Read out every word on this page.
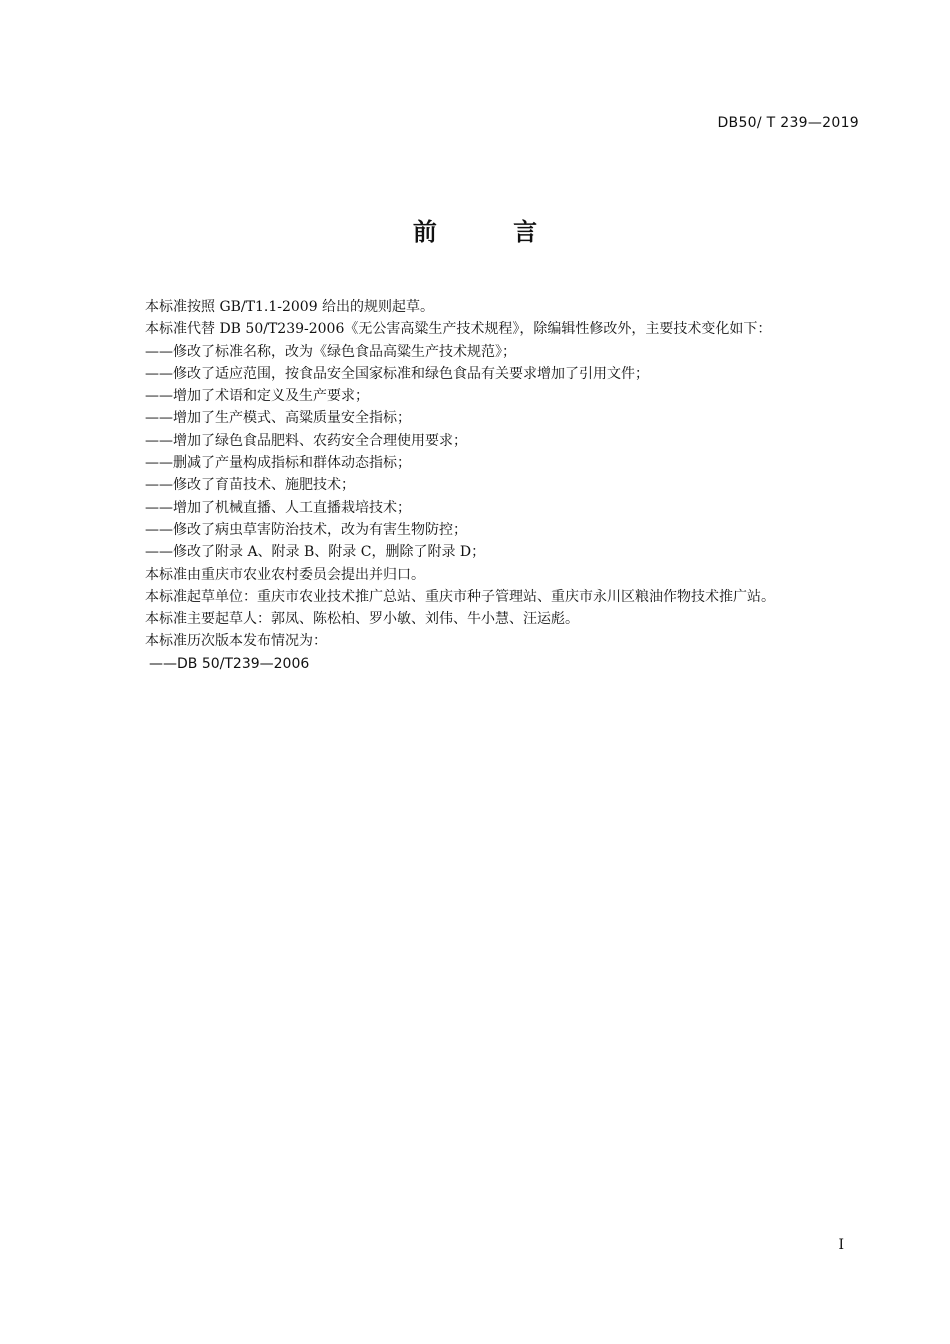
DB50/ T 239—2019
前 言

本标准按照 GB/T1.1-2009 给出的规则起草。

本标准代替 DB 50/T239-2006《无公害高粱生产技术规程》，除编辑性修改外，主要技术变化如下：

——修改了标准名称，改为《绿色食品高粱生产技术规范》；

——修改了适应范围，按食品安全国家标准和绿色食品有关要求增加了引用文件；

——增加了术语和定义及生产要求；

——增加了生产模式、高粱质量安全指标；

——增加了绿色食品肥料、农药安全合理使用要求；

——删减了产量构成指标和群体动态指标；

——修改了育苗技术、施肥技术；

——增加了机械直播、人工直播栽培技术；

——修改了病虫草害防治技术，改为有害生物防控；

——修改了附录 A、附录 B、附录 C，删除了附录 D；

本标准由重庆市农业农村委员会提出并归口。

本标准起草单位：重庆市农业技术推广总站、重庆市种子管理站、重庆市永川区粮油作物技术推广站。

本标准主要起草人：郭凤、陈松柏、罗小敏、刘伟、牛小慧、汪运彪。

本标准历次版本发布情况为：

——DB 50/T239—2006

I
